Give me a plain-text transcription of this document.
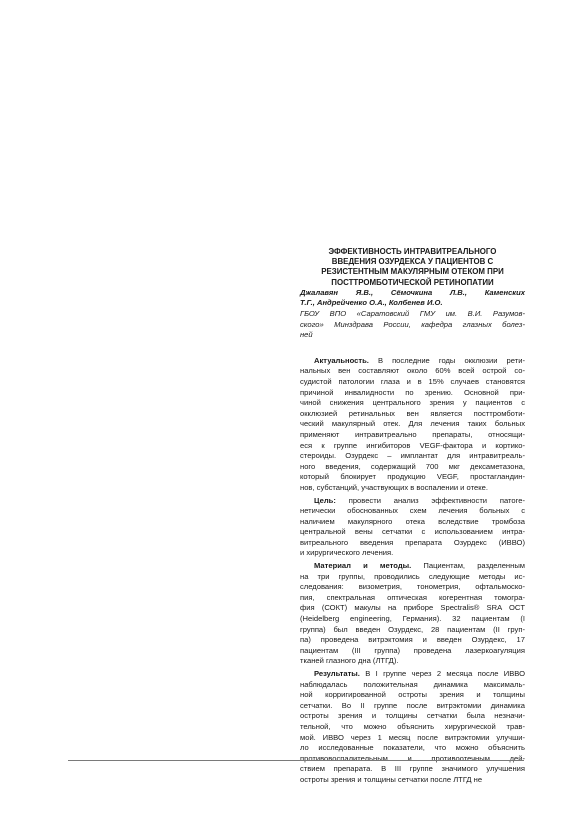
ЭФФЕКТИВНОСТЬ ИНТРАВИТРЕАЛЬНОГО
ВВЕДЕНИЯ ОЗУРДЕКСА У ПАЦИЕНТОВ С
РЕЗИСТЕНТНЫМ МАКУЛЯРНЫМ ОТЕКОМ ПРИ
ПОСТТРОМБОТИЧЕСКОЙ РЕТИНОПАТИИ
Джалавян Я.В., Сёмочкина Л.В., Каменских
Т.Г., Андрейченко О.А., Колбенев И.О.
ГБОУ ВПО «Саратовский ГМУ им. В.И. Разумов-
ского» Минздрава России, кафедра глазных болез-
ней
Актуальность. В последние годы окклюзии рети-
нальных вен составляют около 60% всей острой со-
судистой патологии глаза и в 15% случаев становятся
причиной инвалидности по зрению. Основной при-
чиной снижения центрального зрения у пациентов с
окклюзией ретинальных вен является посттромботи-
ческий макулярный отек. Для лечения таких больных
применяют интравитреально препараты, относящи-
еся к группе ингибиторов VEGF-фактора и кортико-
стероиды. Озурдекс – имплантат для интравитреаль-
ного введения, содержащий 700 мкг дексаметазона,
который блокирует продукцию VEGF, простагландин-
нов, субстанций, участвующих в воспалении и отеке.
Цель: провести анализ эффективности патоге-
нетически обоснованных схем лечения больных с
наличием макулярного отека вследствие тромбоза
центральной вены сетчатки с использованием интра-
витреального введения препарата Озурдекс (ИВВО)
и хирургического лечения.
Материал и методы. Пациентам, разделенным
на три группы, проводились следующие методы ис-
следования: визометрия, тонометрия, офтальмоско-
пия, спектральная оптическая когерентная томогра-
фия (СОКТ) макулы на приборе Spectralis® SRA OCT
(Heidelberg engineering, Германия). 32 пациентам (I
группа) был введен Озурдекс, 28 пациентам (II груп-
па) проведена витрэктомия и введен Озурдекс, 17
пациентам (III группа) проведена лазеркоагуляция
тканей глазного дна (ЛТГД).
Результаты. В I группе через 2 месяца после ИВВО
наблюдалась положительная динамика максималь-
ной корригированной остроты зрения и толщины
сетчатки. Во II группе после витрэктомии динамика
остроты зрения и толщины сетчатки была незначи-
тельной, что можно объяснить хирургической трав-
мой. ИВВО через 1 месяц после витрэктомии улучши-
ло исследованные показатели, что можно объяснить
противовоспалительным и противоотечным дей-
ствием препарата. В III группе значимого улучшения
остроты зрения и толщины сетчатки после ЛТГД не
